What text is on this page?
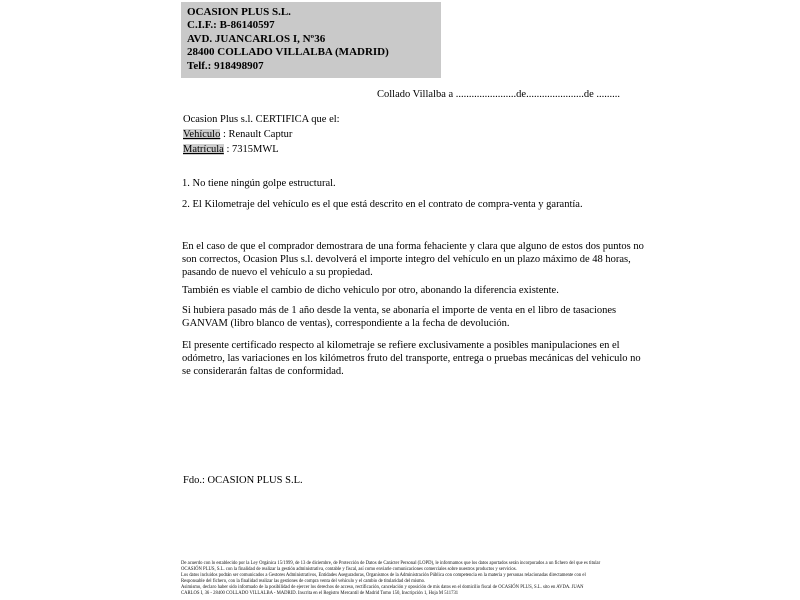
OCASION PLUS S.L.
C.I.F.: B-86140597
AVD. JUANCARLOS I, Nº36
28400 COLLADO VILLALBA (MADRID)
Telf.: 918498907
Collado Villalba a .......................de......................de .........
Ocasion Plus s.l. CERTIFICA que el:
Vehículo : Renault Captur
Matrícula : 7315MWL
1. No tiene ningún golpe estructural.
2. El Kilometraje del vehículo es el que está descrito en el contrato de compra-venta y garantía.
En el caso de que el comprador demostrara de una forma fehaciente y clara que alguno de estos dos puntos no
son correctos, Ocasion Plus s.l. devolverá el importe integro del vehículo en un plazo máximo de 48 horas,
pasando de nuevo el vehículo a su propiedad.
También es viable el cambio de dicho vehiculo por otro, abonando la diferencia existente.
Si hubiera pasado más de 1 año desde la venta, se abonaría el importe de venta en el libro de tasaciones
GANVAM (libro blanco de ventas), correspondiente a la fecha de devolución.
El presente certificado respecto al kilometraje se refiere exclusivamente a posibles manipulaciones en el
odómetro, las variaciones en los kilómetros fruto del transporte, entrega o pruebas mecánicas del vehiculo no
se considerarán faltas de conformidad.
Fdo.: OCASION PLUS S.L.
De acuerdo con lo establecido por la Ley Orgánica 15/1999, de 13 de diciembre, de Protección de Datos de Carácter Personal (LOPD), le informamos que los datos aportados serán incorporados a un fichero del que es titular
OCASIÓN PLUS, S.L. con la finalidad de realizar la gestión administrativa, contable y fiscal, así como enviarle comunicaciones comerciales sobre nuestros productos y servicios.
Los datos incluidos podrán ser comunicados a Gestores Administrativos, Entidades Aseguradoras, Organismos de la Administración Pública con competencia en la materia y personas relacionadas directamente con el
Responsable del fichero, con la finalidad realizar las gestiones de compra venta del vehículo y el cambio de titularidad del mismo.
Asimismo, declaro haber sido informado de la posibilidad de ejercer los derechos de acceso, rectificación, cancelación y oposición de mis datos en el domicilio fiscal de OCASIÓN PLUS, S.L. sito en AVDA. JUAN
CARLOS I, 36 - 28400 COLLADO VILLALBA - MADRID. Inscrita en el Registro Mercantil de Madrid Tomo 150, Inscripción 1, Hoja M 511731
